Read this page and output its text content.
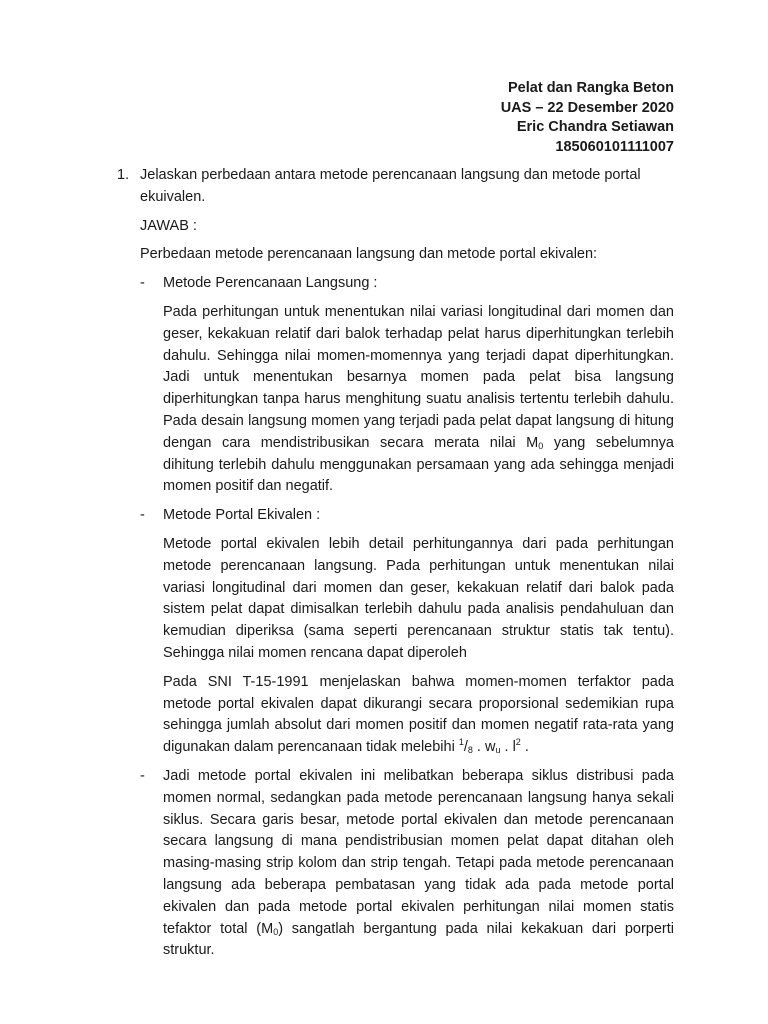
Pelat dan Rangka Beton
UAS – 22 Desember 2020
Eric Chandra Setiawan
185060101111007
1. Jelaskan perbedaan antara metode perencanaan langsung dan metode portal ekuivalen.
JAWAB :
Perbedaan metode perencanaan langsung dan metode portal ekivalen:
- Metode Perencanaan Langsung :
Pada perhitungan untuk menentukan nilai variasi longitudinal dari momen dan geser, kekakuan relatif dari balok terhadap pelat harus diperhitungkan terlebih dahulu. Sehingga nilai momen-momennya yang terjadi dapat diperhitungkan. Jadi untuk menentukan besarnya momen pada pelat bisa langsung diperhitungkan tanpa harus menghitung suatu analisis tertentu terlebih dahulu. Pada desain langsung momen yang terjadi pada pelat dapat langsung di hitung dengan cara mendistribusikan secara merata nilai $M_0$ yang sebelumnya dihitung terlebih dahulu menggunakan persamaan yang ada sehingga menjadi momen positif dan negatif.
- Metode Portal Ekivalen :
Metode portal ekivalen lebih detail perhitungannya dari pada perhitungan metode perencanaan langsung. Pada perhitungan untuk menentukan nilai variasi longitudinal dari momen dan geser, kekakuan relatif dari balok pada sistem pelat dapat dimisalkan terlebih dahulu pada analisis pendahuluan dan kemudian diperiksa (sama seperti perencanaan struktur statis tak tentu). Sehingga nilai momen rencana dapat diperoleh
Pada SNI T-15-1991 menjelaskan bahwa momen-momen terfaktor pada metode portal ekivalen dapat dikurangi secara proporsional sedemikian rupa sehingga jumlah absolut dari momen positif dan momen negatif rata-rata yang digunakan dalam perencanaan tidak melebihi $^1/_8$ . $w_u$ . $l^2$ .
- Jadi metode portal ekivalen ini melibatkan beberapa siklus distribusi pada momen normal, sedangkan pada metode perencanaan langsung hanya sekali siklus. Secara garis besar, metode portal ekivalen dan metode perencanaan secara langsung di mana pendistribusian momen pelat dapat ditahan oleh masing-masing strip kolom dan strip tengah. Tetapi pada metode perencanaan langsung ada beberapa pembatasan yang tidak ada pada metode portal ekivalen dan pada metode portal ekivalen perhitungan nilai momen statis tefaktor total $(M_0)$ sangatlah bergantung pada nilai kekakuan dari porperti struktur.
